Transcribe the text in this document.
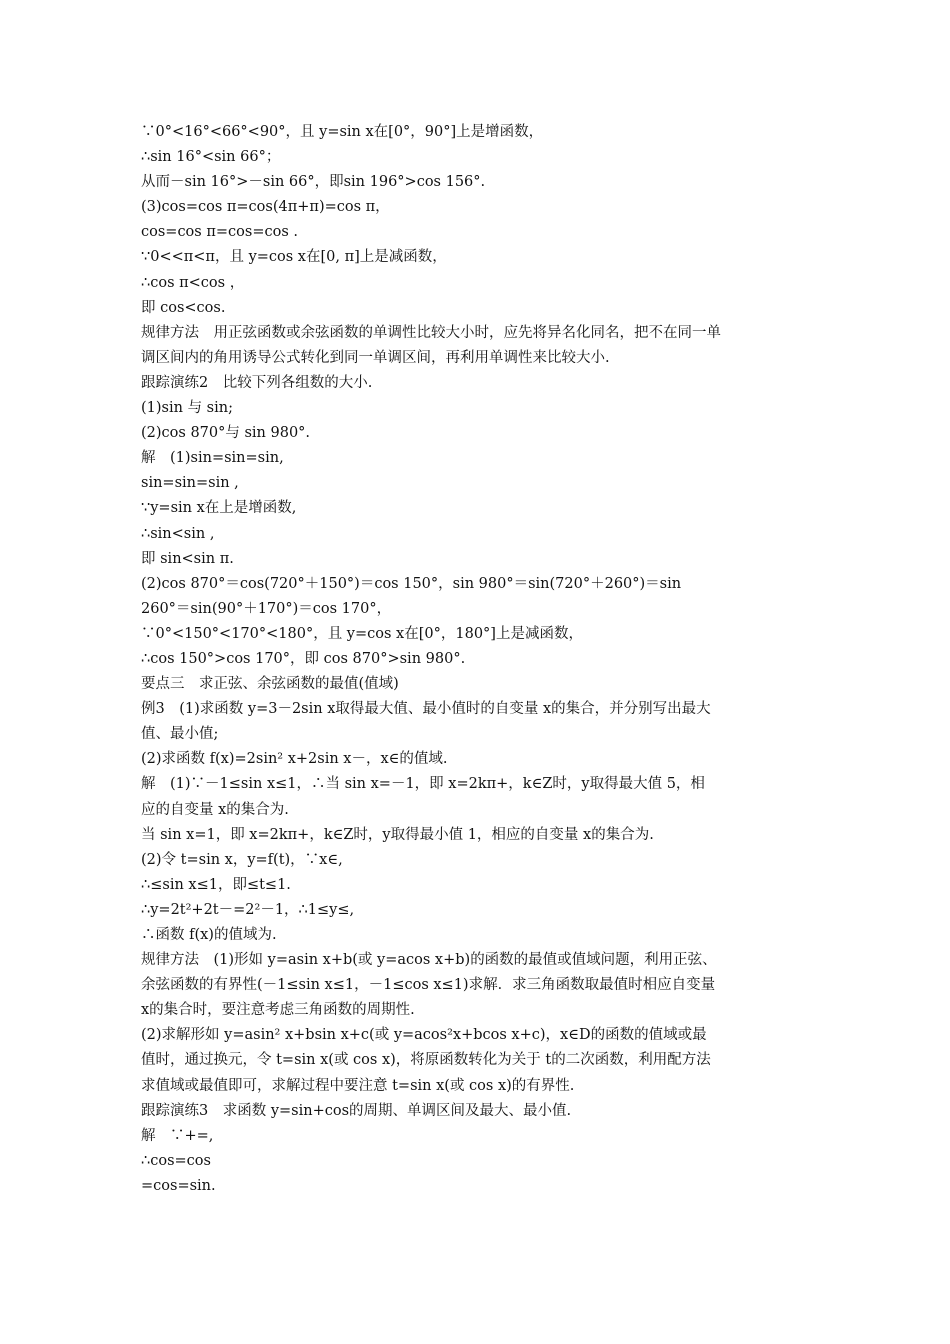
∵0°<16°<66°<90°，且 y=sin x在[0°，90°]上是增函数，
∴sin 16°<sin 66°；
从而－sin 16°>－sin 66°，即sin 196°>cos 156°.
(3)cos=cos π=cos(4π+π)=cos π，
cos=cos π=cos=cos .
∵0<<π<π，且 y=cos x在[0, π]上是减函数，
∴cos π<cos ，
即 cos<cos.
规律方法　用正弦函数或余弦函数的单调性比较大小时，应先将异名化同名，把不在同一单
调区间内的角用诱导公式转化到同一单调区间，再利用单调性来比较大小.
跟踪演练2　比较下列各组数的大小.
(1)sin 与 sin;
(2)cos 870°与 sin 980°.
解　(1)sin=sin=sin,
sin=sin=sin ,
∵y=sin x在上是增函数,
∴sin<sin ,
即 sin<sin π.
(2)cos 870°＝cos(720°＋150°)＝cos 150°，sin 980°＝sin(720°＋260°)＝sin
260°＝sin(90°＋170°)＝cos 170°，
∵0°<150°<170°<180°，且 y=cos x在[0°，180°]上是减函数，
∴cos 150°>cos 170°，即 cos 870°>sin 980°.
要点三　求正弦、余弦函数的最值(值域)
例3　(1)求函数 y=3－2sin x取得最大值、最小值时的自变量 x的集合，并分别写出最大
值、最小值;
(2)求函数 f(x)=2sin² x+2sin x－，x∈的值域.
解　(1)∵－1≤sin x≤1，∴当 sin x=－1，即 x=2kπ+，k∈Z时，y取得最大值 5，相
应的自变量 x的集合为.
当 sin x=1，即 x=2kπ+，k∈Z时，y取得最小值 1，相应的自变量 x的集合为.
(2)令 t=sin x，y=f(t)，∵x∈,
∴≤sin x≤1，即≤t≤1.
∴y=2t²+2t－=2²－1，∴1≤y≤,
∴函数 f(x)的值域为.
规律方法　(1)形如 y=asin x+b(或 y=acos x+b)的函数的最值或值域问题，利用正弦、
余弦函数的有界性(－1≤sin x≤1，－1≤cos x≤1)求解．求三角函数取最值时相应自变量
x的集合时，要注意考虑三角函数的周期性.
(2)求解形如 y=asin² x+bsin x+c(或 y=acos²x+bcos x+c)，x∈D的函数的值域或最
值时，通过换元，令 t=sin x(或 cos x)，将原函数转化为关于 t的二次函数，利用配方法
求值域或最值即可，求解过程中要注意 t=sin x(或 cos x)的有界性.
跟踪演练3　求函数 y=sin+cos的周期、单调区间及最大、最小值.
解　∵+=,
∴cos=cos
=cos=sin.
